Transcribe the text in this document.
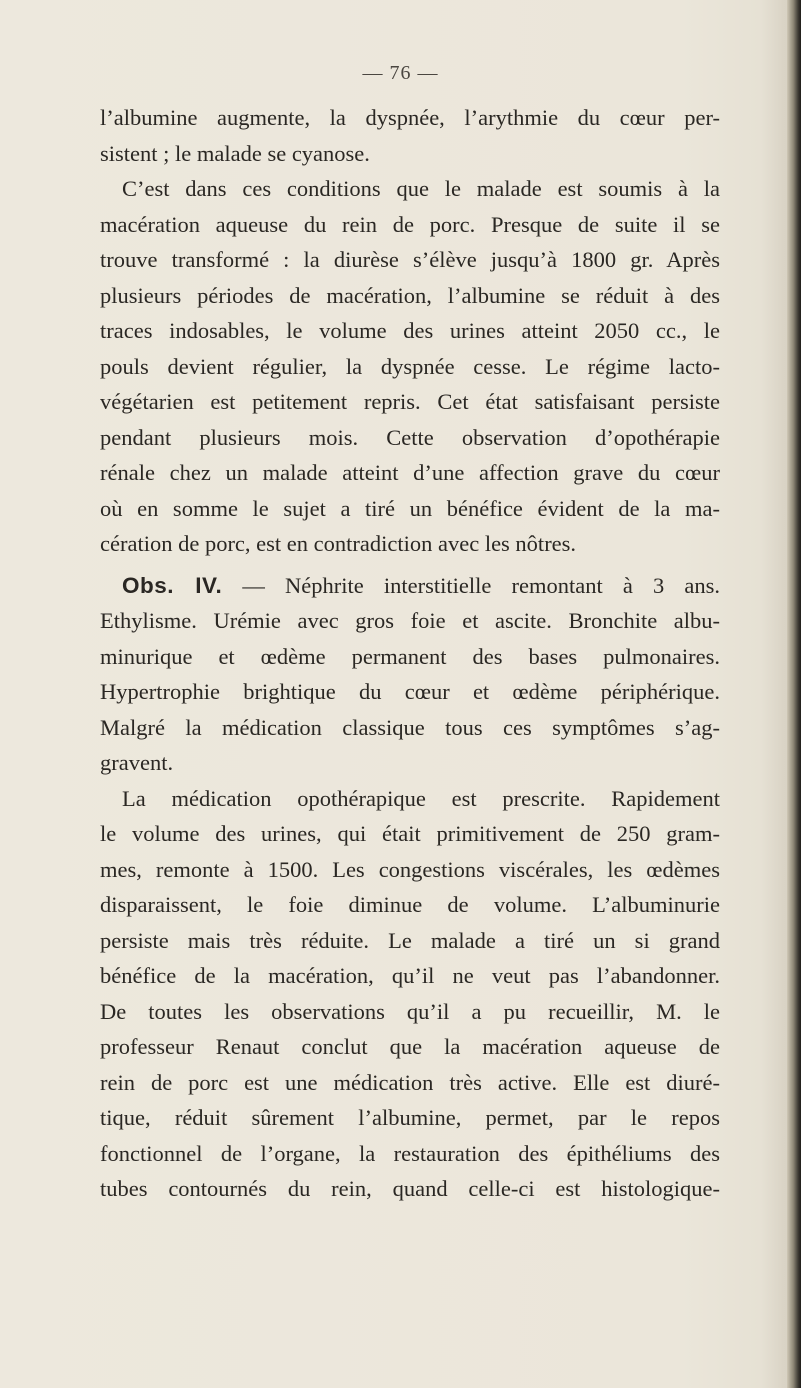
— 76 —
l’albumine augmente, la dyspnée, l’arythmie du cœur per-
sistent ; le malade se cyanose.
C’est dans ces conditions que le malade est soumis à la
macération aqueuse du rein de porc. Presque de suite il se
trouve transformé : la diurèse s’élève jusqu’à 1800 gr. Après
plusieurs périodes de macération, l’albumine se réduit à des
traces indosables, le volume des urines atteint 2050 cc., le
pouls devient régulier, la dyspnée cesse. Le régime lacto-
végétarien est petitement repris. Cet état satisfaisant persiste
pendant plusieurs mois. Cette observation d’opothérapie
rénale chez un malade atteint d’une affection grave du cœur
où en somme le sujet a tiré un bénéfice évident de la ma-
cération de porc, est en contradiction avec les nôtres.
Obs. IV. — Néphrite interstitielle remontant à 3 ans.
Ethylisme. Urémie avec gros foie et ascite. Bronchite albu-
minurique et œdème permanent des bases pulmonaires.
Hypertrophie brightique du cœur et œdème périphérique.
Malgré la médication classique tous ces symptômes s’ag-
gravent.
La médication opothérapique est prescrite. Rapidement
le volume des urines, qui était primitivement de 250 gram-
mes, remonte à 1500. Les congestions viscérales, les œdèmes
disparaissent, le foie diminue de volume. L’albuminurie
persiste mais très réduite. Le malade a tiré un si grand
bénéfice de la macération, qu’il ne veut pas l’abandonner.
De toutes les observations qu’il a pu recueillir, M. le
professeur Renaut conclut que la macération aqueuse de
rein de porc est une médication très active. Elle est diuré-
tique, réduit sûrement l’albumine, permet, par le repos
fonctionnel de l’organe, la restauration des épithéliums des
tubes contournés du rein, quand celle-ci est histologique-
